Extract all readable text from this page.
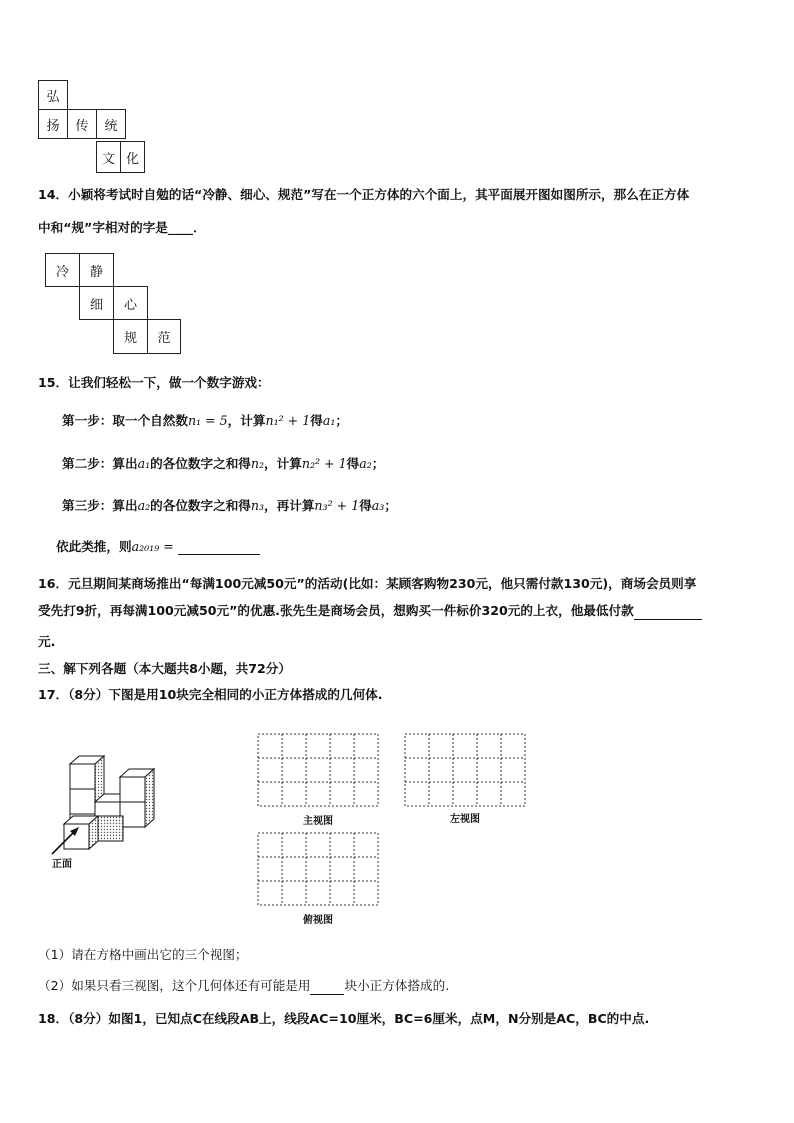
弘
扬	传	统
文 化
14．小颖将考试时自勉的话“冷静、细心、规范”写在一个正方体的六个面上，其平面展开图如图所示，那么在正方体
中和“规”字相对的字是____．
冷	静
细	心
规	范
15．让我们轻松一下，做一个数字游戏：
第一步：取一个自然数n₁ = 5，计算n₁² + 1得a₁；
第二步：算出a₁的各位数字之和得n₂，计算n₂² + 1得a₂；
第三步：算出a₂的各位数字之和得n₃，再计算n₃² + 1得a₃；
依此类推，则a₂₀₁₉ =
16．元旦期间某商场推出“每满100元减50元”的活动(比如：某顾客购物230元，他只需付款130元)，商场会员则享
受先打9折，再每满100元减50元”的优惠.张先生是商场会员，想购买一件标价320元的上衣，他最低付款
元.
三、解下列各题（本大题共8小题，共72分）
17．（8分）下图是用10块完全相同的小正方体搭成的几何体.
正面
主视图	左视图
俯视图
（1）请在方格中画出它的三个视图；
（2）如果只看三视图，这个几何体还有可能是用	块小正方体搭成的.
18．（8分）如图1，已知点C在线段AB上，线段AC=10厘米，BC=6厘米，点M，N分别是AC，BC的中点.
